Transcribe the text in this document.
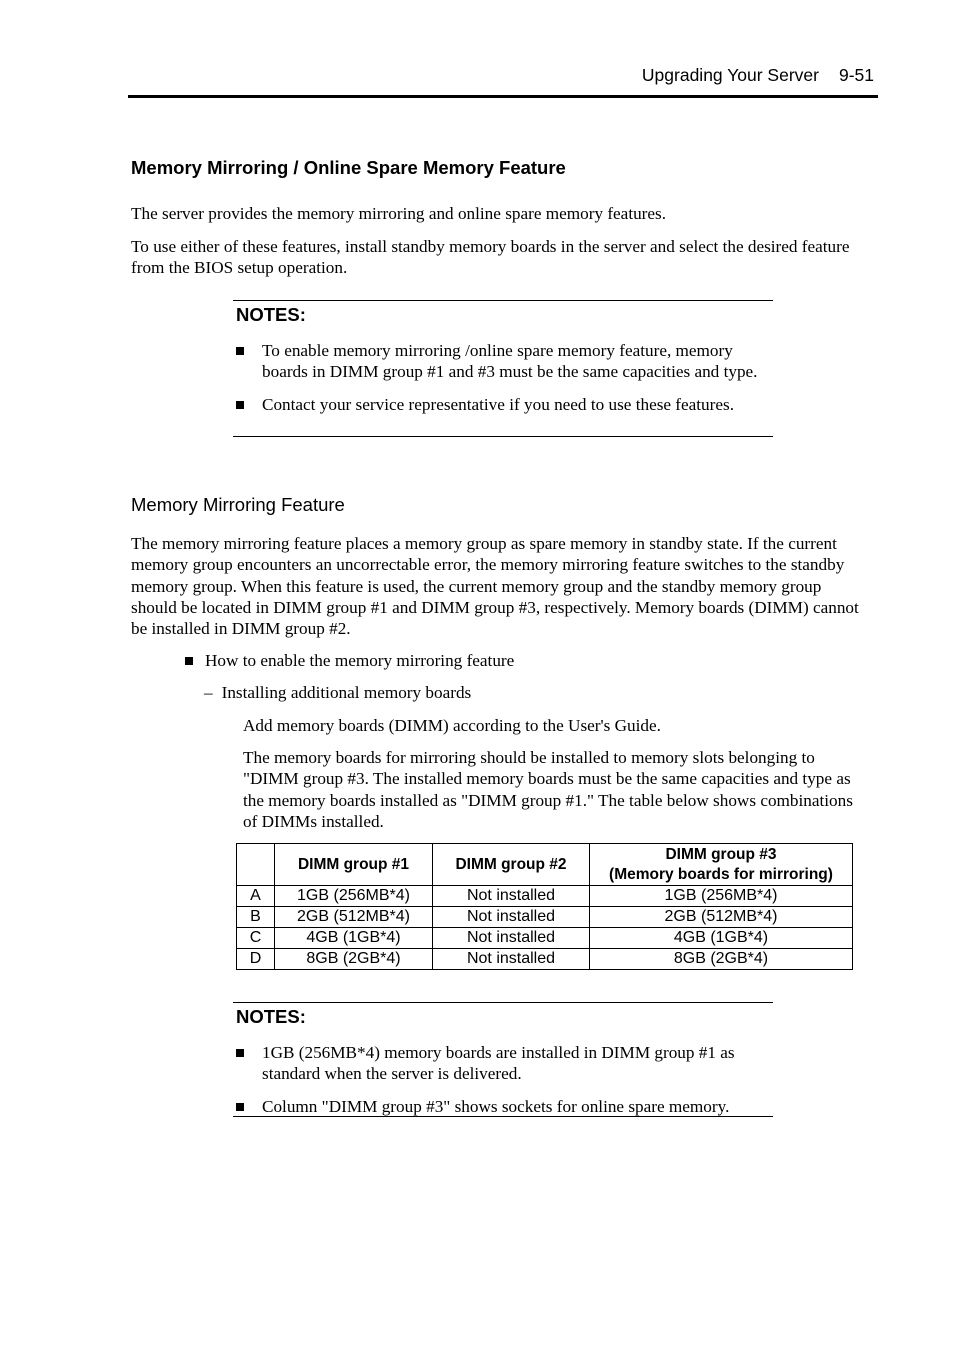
Upgrading Your Server 9-51
Memory Mirroring / Online Spare Memory Feature
The server provides the memory mirroring and online spare memory features.
To use either of these features, install standby memory boards in the server and select the desired feature from the BIOS setup operation.
NOTES:
To enable memory mirroring /online spare memory feature, memory boards in DIMM group #1 and #3 must be the same capacities and type.
Contact your service representative if you need to use these features.
Memory Mirroring Feature
The memory mirroring feature places a memory group as spare memory in standby state. If the current memory group encounters an uncorrectable error, the memory mirroring feature switches to the standby memory group. When this feature is used, the current memory group and the standby memory group should be located in DIMM group #1 and DIMM group #3, respectively. Memory boards (DIMM) cannot be installed in DIMM group #2.
How to enable the memory mirroring feature
– Installing additional memory boards
Add memory boards (DIMM) according to the User's Guide.
The memory boards for mirroring should be installed to memory slots belonging to "DIMM group #3. The installed memory boards must be the same capacities and type as the memory boards installed as "DIMM group #1." The table below shows combinations of DIMMs installed.
	DIMM group #1	DIMM group #2	DIMM group #3
(Memory boards for mirroring)
A	1GB (256MB*4)	Not installed	1GB (256MB*4)
B	2GB (512MB*4)	Not installed	2GB (512MB*4)
C	4GB (1GB*4)	Not installed	4GB (1GB*4)
D	8GB (2GB*4)	Not installed	8GB (2GB*4)
NOTES:
1GB (256MB*4) memory boards are installed in DIMM group #1 as standard when the server is delivered.
Column "DIMM group #3" shows sockets for online spare memory.
